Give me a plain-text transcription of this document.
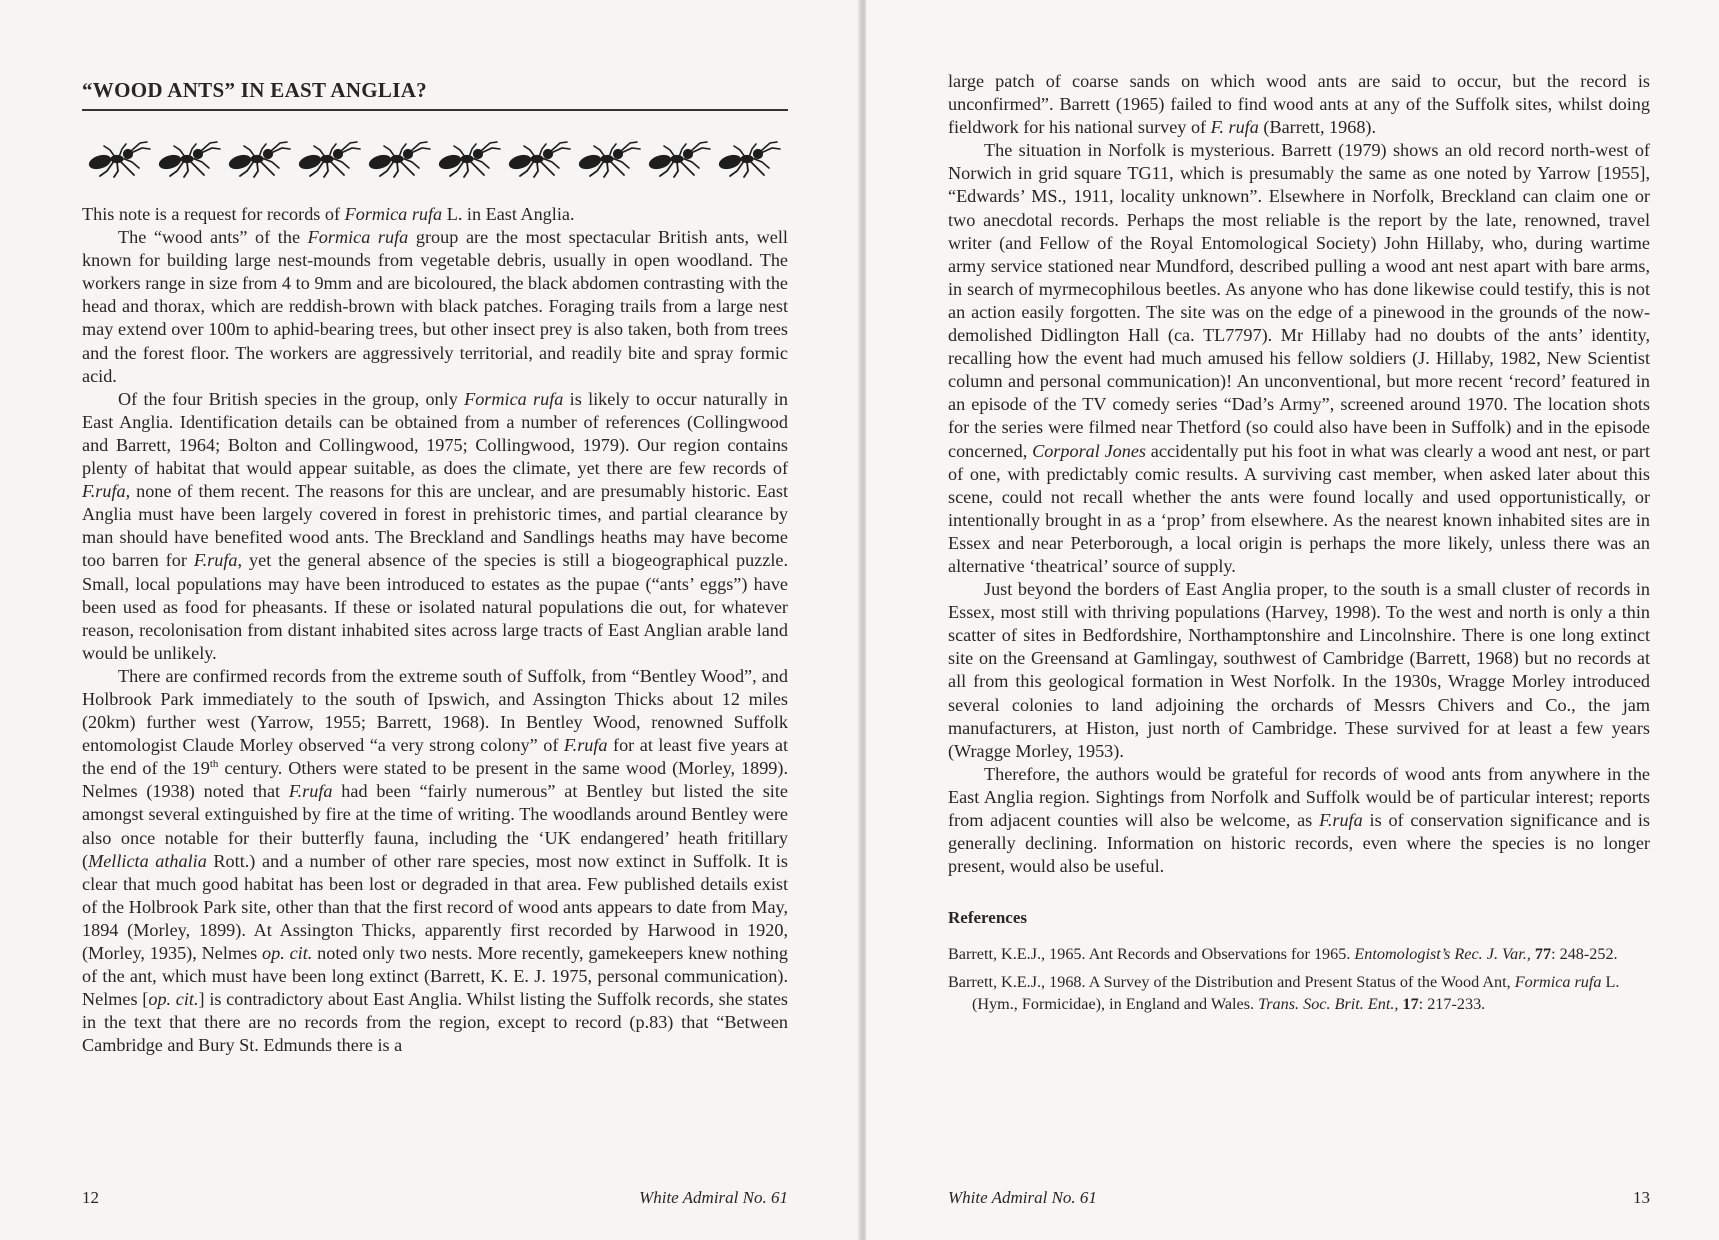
“WOOD ANTS” IN EAST ANGLIA?

This note is a request for records of Formica rufa L. in East Anglia.

The “wood ants” of the Formica rufa group are the most spectacular British ants, well known for building large nest-mounds from vegetable debris, usually in open woodland. The workers range in size from 4 to 9mm and are bicoloured, the black abdomen contrasting with the head and thorax, which are reddish-brown with black patches. Foraging trails from a large nest may extend over 100m to aphid-bearing trees, but other insect prey is also taken, both from trees and the forest floor. The workers are aggressively territorial, and readily bite and spray formic acid.

Of the four British species in the group, only Formica rufa is likely to occur naturally in East Anglia. Identification details can be obtained from a number of references (Collingwood and Barrett, 1964; Bolton and Collingwood, 1975; Collingwood, 1979). Our region contains plenty of habitat that would appear suitable, as does the climate, yet there are few records of F.rufa, none of them recent. The reasons for this are unclear, and are presumably historic. East Anglia must have been largely covered in forest in prehistoric times, and partial clearance by man should have benefited wood ants. The Breckland and Sandlings heaths may have become too barren for F.rufa, yet the general absence of the species is still a biogeographical puzzle. Small, local populations may have been introduced to estates as the pupae (“ants’ eggs”) have been used as food for pheasants. If these or isolated natural populations die out, for whatever reason, recolonisation from distant inhabited sites across large tracts of East Anglian arable land would be unlikely.

There are confirmed records from the extreme south of Suffolk, from “Bentley Wood”, and Holbrook Park immediately to the south of Ipswich, and Assington Thicks about 12 miles (20km) further west (Yarrow, 1955; Barrett, 1968). In Bentley Wood, renowned Suffolk entomologist Claude Morley observed “a very strong colony” of F.rufa for at least five years at the end of the 19th century. Others were stated to be present in the same wood (Morley, 1899). Nelmes (1938) noted that F.rufa had been “fairly numerous” at Bentley but listed the site amongst several extinguished by fire at the time of writing. The woodlands around Bentley were also once notable for their butterfly fauna, including the ‘UK endangered’ heath fritillary (Mellicta athalia Rott.) and a number of other rare species, most now extinct in Suffolk. It is clear that much good habitat has been lost or degraded in that area. Few published details exist of the Holbrook Park site, other than that the first record of wood ants appears to date from May, 1894 (Morley, 1899). At Assington Thicks, apparently first recorded by Harwood in 1920, (Morley, 1935), Nelmes op. cit. noted only two nests. More recently, gamekeepers knew nothing of the ant, which must have been long extinct (Barrett, K. E. J. 1975, personal communication). Nelmes [op. cit.] is contradictory about East Anglia. Whilst listing the Suffolk records, she states in the text that there are no records from the region, except to record (p.83) that “Between Cambridge and Bury St. Edmunds there is a

12	White Admiral No. 61

large patch of coarse sands on which wood ants are said to occur, but the record is unconfirmed”. Barrett (1965) failed to find wood ants at any of the Suffolk sites, whilst doing fieldwork for his national survey of F. rufa (Barrett, 1968).

The situation in Norfolk is mysterious. Barrett (1979) shows an old record north-west of Norwich in grid square TG11, which is presumably the same as one noted by Yarrow [1955], “Edwards’ MS., 1911, locality unknown”. Elsewhere in Norfolk, Breckland can claim one or two anecdotal records. Perhaps the most reliable is the report by the late, renowned, travel writer (and Fellow of the Royal Entomological Society) John Hillaby, who, during wartime army service stationed near Mundford, described pulling a wood ant nest apart with bare arms, in search of myrmecophilous beetles. As anyone who has done likewise could testify, this is not an action easily forgotten. The site was on the edge of a pinewood in the grounds of the now-demolished Didlington Hall (ca. TL7797). Mr Hillaby had no doubts of the ants’ identity, recalling how the event had much amused his fellow soldiers (J. Hillaby, 1982, New Scientist column and personal communication)! An unconventional, but more recent ‘record’ featured in an episode of the TV comedy series “Dad’s Army”, screened around 1970. The location shots for the series were filmed near Thetford (so could also have been in Suffolk) and in the episode concerned, Corporal Jones accidentally put his foot in what was clearly a wood ant nest, or part of one, with predictably comic results. A surviving cast member, when asked later about this scene, could not recall whether the ants were found locally and used opportunistically, or intentionally brought in as a ‘prop’ from elsewhere. As the nearest known inhabited sites are in Essex and near Peterborough, a local origin is perhaps the more likely, unless there was an alternative ‘theatrical’ source of supply.

Just beyond the borders of East Anglia proper, to the south is a small cluster of records in Essex, most still with thriving populations (Harvey, 1998). To the west and north is only a thin scatter of sites in Bedfordshire, Northamptonshire and Lincolnshire. There is one long extinct site on the Greensand at Gamlingay, southwest of Cambridge (Barrett, 1968) but no records at all from this geological formation in West Norfolk. In the 1930s, Wragge Morley introduced several colonies to land adjoining the orchards of Messrs Chivers and Co., the jam manufacturers, at Histon, just north of Cambridge. These survived for at least a few years (Wragge Morley, 1953).

Therefore, the authors would be grateful for records of wood ants from anywhere in the East Anglia region. Sightings from Norfolk and Suffolk would be of particular interest; reports from adjacent counties will also be welcome, as F.rufa is of conservation significance and is generally declining. Information on historic records, even where the species is no longer present, would also be useful.

References
Barrett, K.E.J., 1965. Ant Records and Observations for 1965. Entomologist’s Rec. J. Var., 77: 248-252.
Barrett, K.E.J., 1968. A Survey of the Distribution and Present Status of the Wood Ant, Formica rufa L. (Hym., Formicidae), in England and Wales. Trans. Soc. Brit. Ent., 17: 217-233.
White Admiral No. 61	13
